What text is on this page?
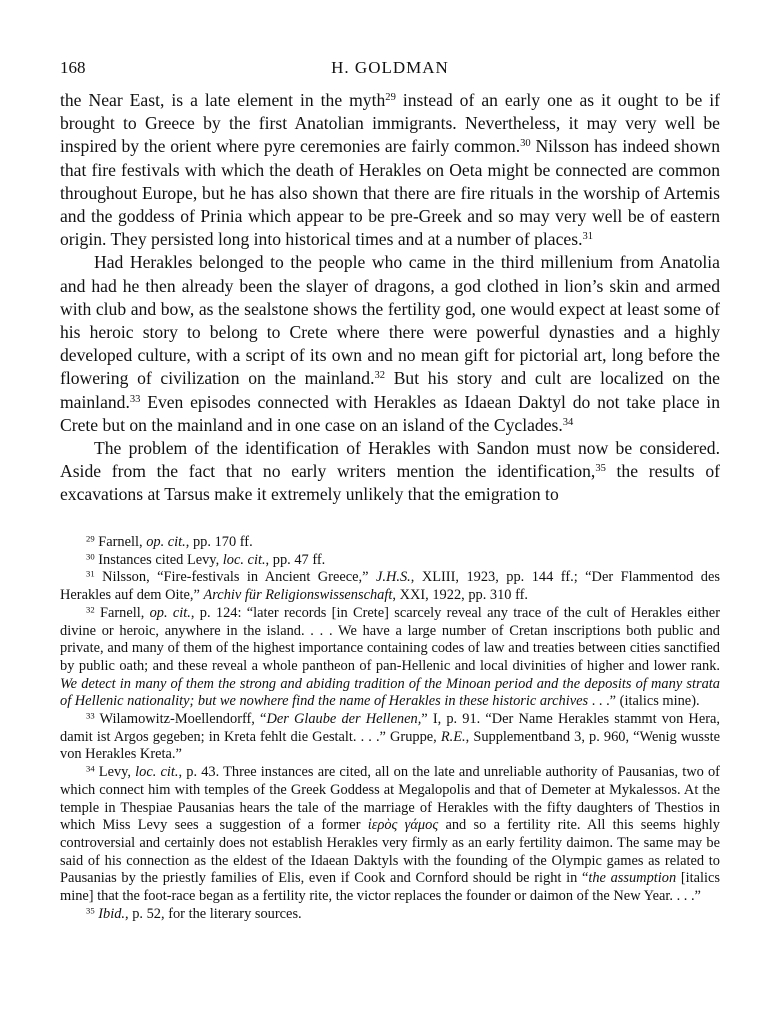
168	H. GOLDMAN

the Near East, is a late element in the myth$^{29}$ instead of an early one as it ought to be if brought to Greece by the first Anatolian immigrants. Nevertheless, it may very well be inspired by the orient where pyre ceremonies are fairly common.$^{30}$ Nilsson has indeed shown that fire festivals with which the death of Herakles on Oeta might be connected are common throughout Europe, but he has also shown that there are fire rituals in the worship of Artemis and the goddess of Prinia which appear to be pre-Greek and so may very well be of eastern origin. They persisted long into historical times and at a number of places.$^{31}$

Had Herakles belonged to the people who came in the third millenium from Anatolia and had he then already been the slayer of dragons, a god clothed in lion’s skin and armed with club and bow, as the sealstone shows the fertility god, one would expect at least some of his heroic story to belong to Crete where there were powerful dynasties and a highly developed culture, with a script of its own and no mean gift for pictorial art, long before the flowering of civilization on the mainland.$^{32}$ But his story and cult are localized on the mainland.$^{33}$ Even episodes connected with Herakles as Idaean Daktyl do not take place in Crete but on the mainland and in one case on an island of the Cyclades.$^{34}$

The problem of the identification of Herakles with Sandon must now be considered. Aside from the fact that no early writers mention the identification,$^{35}$ the results of excavations at Tarsus make it extremely unlikely that the emigration to

$^{29}$ Farnell, op. cit., pp. 170 ff.

$^{30}$ Instances cited Levy, loc. cit., pp. 47 ff.

$^{31}$ Nilsson, “Fire-festivals in Ancient Greece,” J.H.S., XLIII, 1923, pp. 144 ff.; “Der Flammentod des Herakles auf dem Oite,” Archiv für Religionswissenschaft, XXI, 1922, pp. 310 ff.

$^{32}$ Farnell, op. cit., p. 124: “later records [in Crete] scarcely reveal any trace of the cult of Herakles either divine or heroic, anywhere in the island. . . . We have a large number of Cretan inscriptions both public and private, and many of them of the highest importance containing codes of law and treaties between cities sanctified by public oath; and these reveal a whole pantheon of pan-Hellenic and local divinities of higher and lower rank. We detect in many of them the strong and abiding tradition of the Minoan period and the deposits of many strata of Hellenic nationality; but we nowhere find the name of Herakles in these historic archives . . .” (italics mine).

$^{33}$ Wilamowitz-Moellendorff, “Der Glaube der Hellenen,” I, p. 91. “Der Name Herakles stammt von Hera, damit ist Argos gegeben; in Kreta fehlt die Gestalt. . . .” Gruppe, R.E., Supplementband 3, p. 960, “Wenig wusste von Herakles Kreta.”

$^{34}$ Levy, loc. cit., p. 43. Three instances are cited, all on the late and unreliable authority of Pausanias, two of which connect him with temples of the Greek Goddess at Megalopolis and that of Demeter at Mykalessos. At the temple in Thespiae Pausanias hears the tale of the marriage of Herakles with the fifty daughters of Thestios in which Miss Levy sees a suggestion of a former ἱερὸς γάμος and so a fertility rite. All this seems highly controversial and certainly does not establish Herakles very firmly as an early fertility daimon. The same may be said of his connection as the eldest of the Idaean Daktyls with the founding of the Olympic games as related to Pausanias by the priestly families of Elis, even if Cook and Cornford should be right in “the assumption [italics mine] that the foot-race began as a fertility rite, the victor replaces the founder or daimon of the New Year. . . .”

$^{35}$ Ibid., p. 52, for the literary sources.
